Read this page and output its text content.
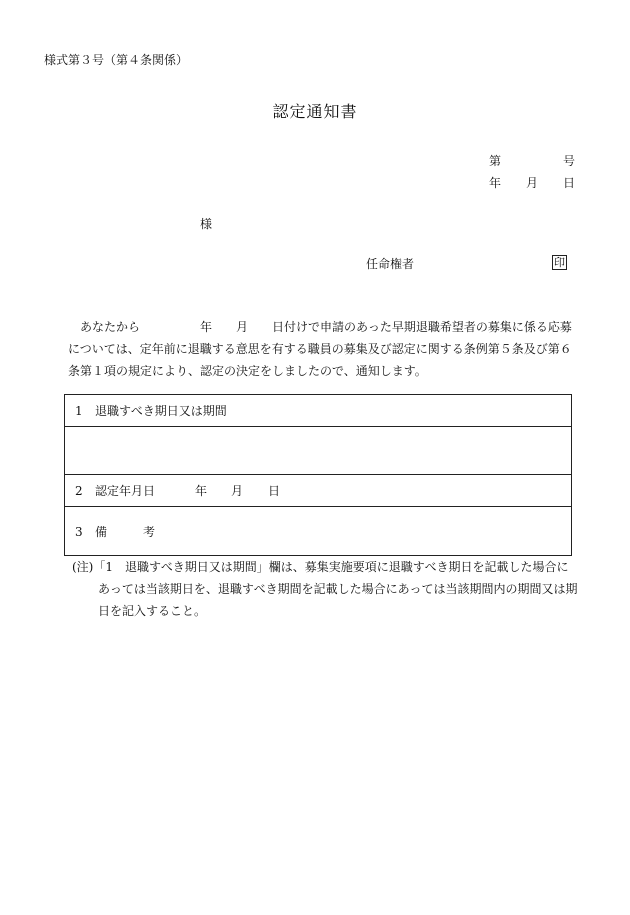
様式第３号（第４条関係）
認定通知書
第	号
年 月 日
様
任命権者	印
あなたから	年 月 日付けで申請のあった早期退職希望者の募集に係る応募
については、定年前に退職する意思を有する職員の募集及び認定に関する条例第５条及び第６
条第１項の規定により、認定の決定をしましたので、通知します。
1 退職すべき期日又は期間

2 認定年月日	年 月 日
3 備	考
(注)「1　退職すべき期日又は期間」欄は、募集実施要項に退職すべき期日を記載した場合に
あっては当該期日を、退職すべき期間を記載した場合にあっては当該期間内の期間又は期
日を記入すること。
